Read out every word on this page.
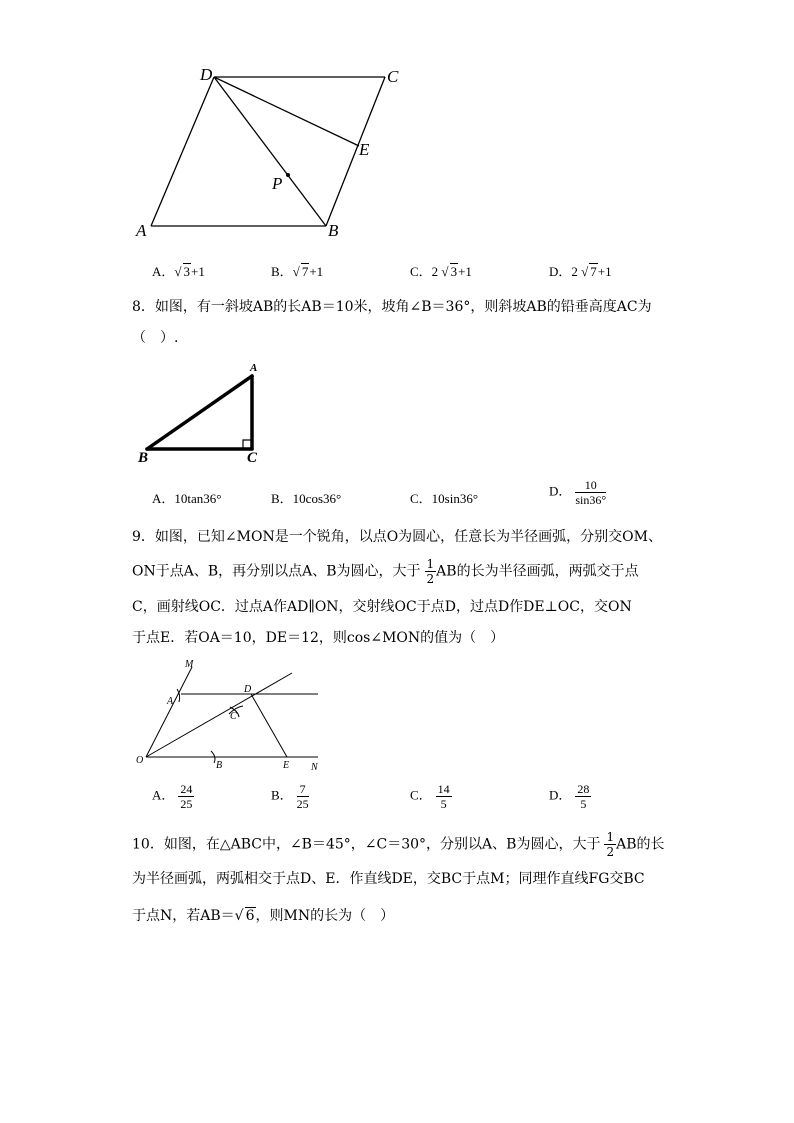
D	C
E
P
A	B
A．√ 3+1	B．√ 7+1	C．2 √ 3+1	D．2 √ 7+1
8．如图，有一斜坡AB的长AB＝10米，坡角∠B＝36°，则斜坡AB的铅垂高度AC为
（　）.
A
B	C
A．10tan36°	B．10cos36°	C．10sin36°
D． $\frac{10}{\sin 36^\circ}$
9．如图，已知∠MON是一个锐角，以点O为圆心，任意长为半径画弧，分别交OM、
ON于点A、B，再分别以点A、B为圆心，大于 $\frac{1}{2}$ AB的长为半径画弧，两弧交于点
C，画射线OC．过点A作AD∥ON，交射线OC于点D，过点D作DE⊥OC，交ON
于点E．若OA＝10，DE＝12，则cos∠MON的值为（　）
M
A
D
C
O	B	E N
A． $\frac{24}{25}$	B． $\frac{7}{25}$	C． $\frac{14}{5}$	D． $\frac{28}{5}$
10．如图，在△ABC中，∠B＝45°，∠C＝30°，分别以A、B为圆心，大于 $\frac{1}{2}$ AB的长
为半径画弧，两弧相交于点D、E．作直线DE，交BC于点M；同理作直线FG交BC
于点N，若AB＝√ 6，则MN的长为（　）
